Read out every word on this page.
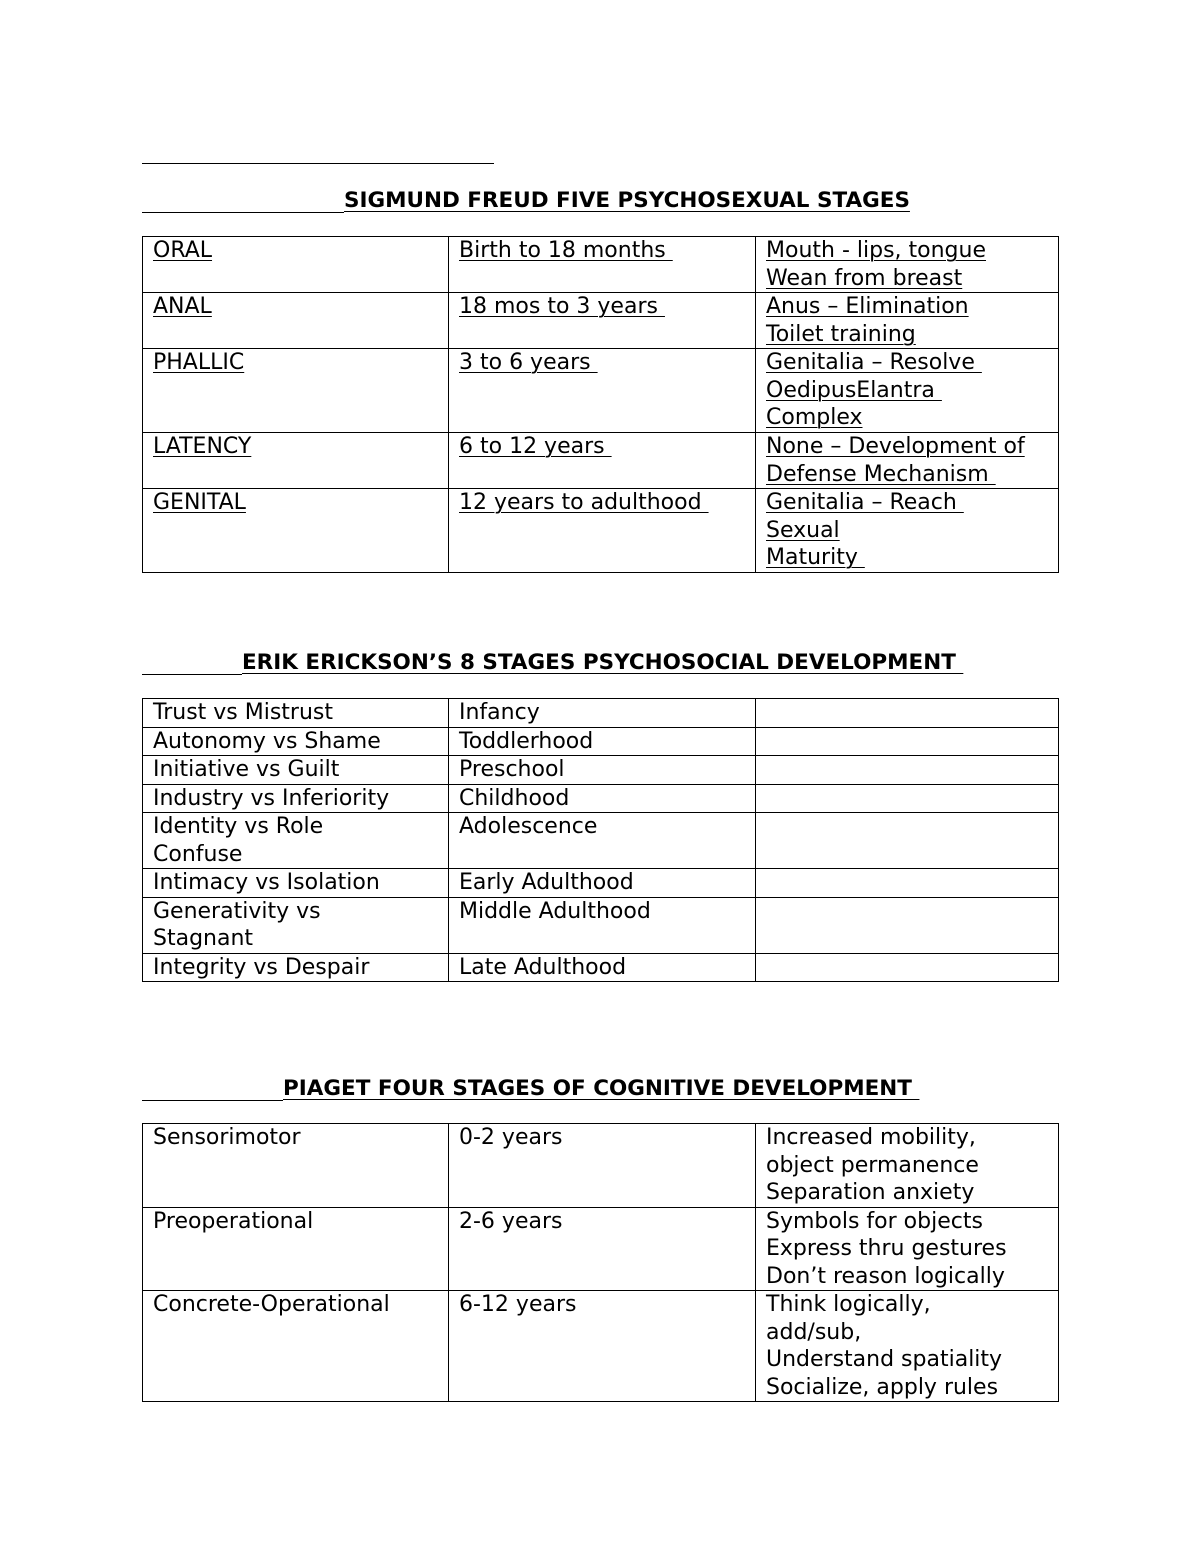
SIGMUND FREUD FIVE PSYCHOSEXUAL STAGES
ORAL	Birth to 18 months	Mouth - lips, tongue
Wean from breast

ANAL	18 mos to 3 years	Anus – Elimination
Toilet training

PHALLIC	3 to 6 years	Genitalia – Resolve
OedipusElantra
Complex

LATENCY	6 to 12 years	None – Development of
Defense Mechanism

GENITAL	12 years to adulthood	Genitalia – Reach
Sexual
Maturity
ERIK ERICKSON’S 8 STAGES PSYCHOSOCIAL DEVELOPMENT
Trust vs Mistrust	Infancy	

Autonomy vs Shame	Toddlerhood	

Initiative vs Guilt	Preschool	

Industry vs Inferiority	Childhood	

Identity vs Role
Confuse	Adolescence	

Intimacy vs Isolation	Early Adulthood	

Generativity vs
Stagnant	Middle Adulthood	

Integrity vs Despair	Late Adulthood	
PIAGET FOUR STAGES OF COGNITIVE DEVELOPMENT
Sensorimotor	0-2 years	Increased mobility,
object permanence
Separation anxiety

Preoperational	2-6 years	Symbols for objects
Express thru gestures
Don’t reason logically

Concrete-Operational	6-12 years	Think logically,
add/sub,
Understand spatiality
Socialize, apply rules
